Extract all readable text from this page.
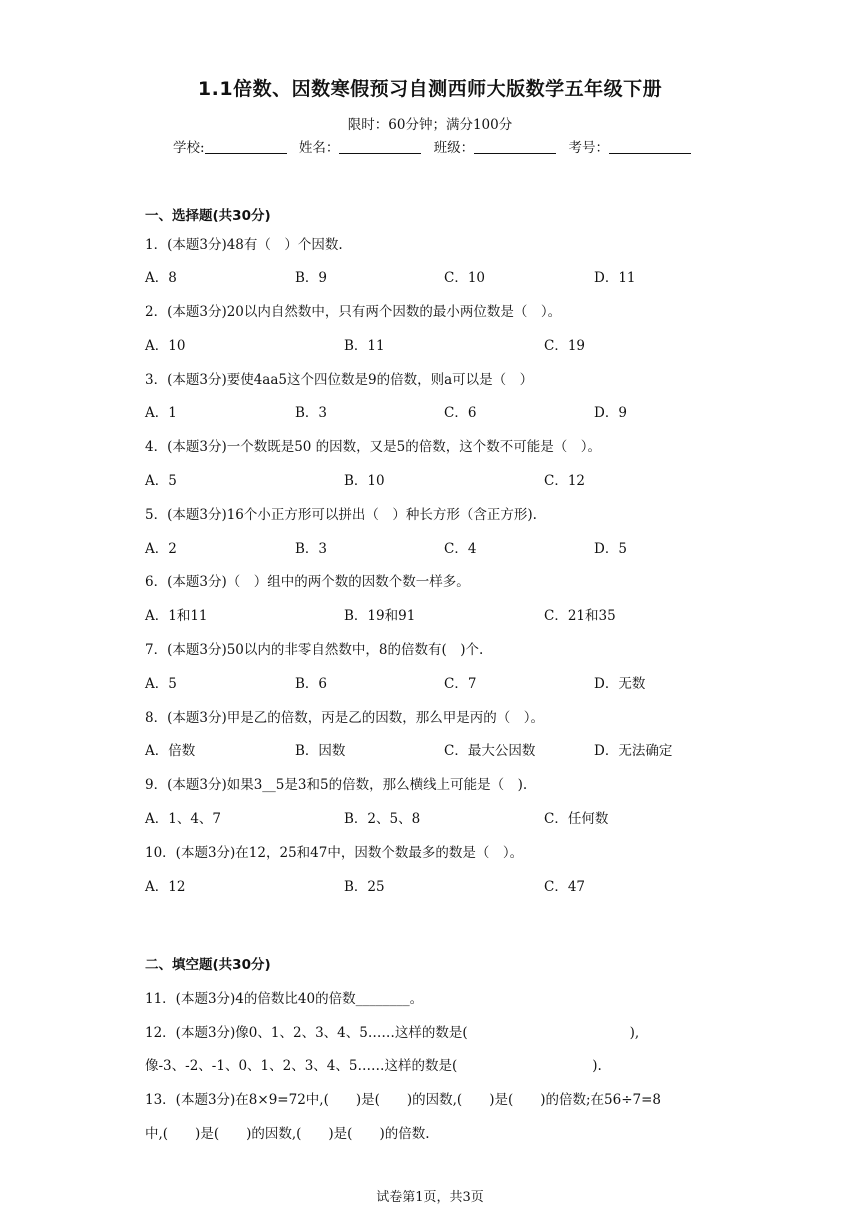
1.1倍数、因数寒假预习自测西师大版数学五年级下册
限时：60分钟；满分100分
学校:	姓名：	班级：	考号：
一、选择题(共30分)
1．(本题3分)48有（　）个因数.
A．8	B．9	C．10	D．11
2．(本题3分)20以内自然数中，只有两个因数的最小两位数是（　）。
A．10	B．11	C．19
3．(本题3分)要使4aa5这个四位数是9的倍数，则a可以是（　）
A．1	B．3	C．6	D．9
4．(本题3分)一个数既是50 的因数，又是5的倍数，这个数不可能是（　）。
A．5	B．10	C．12
5．(本题3分)16个小正方形可以拼出（　）种长方形（含正方形).
A．2	B．3	C．4	D．5
6．(本题3分)（　）组中的两个数的因数个数一样多。
A．1和11	B．19和91	C．21和35
7．(本题3分)50以内的非零自然数中，8的倍数有(　)个.
A．5	B．6	C．7	D．无数
8．(本题3分)甲是乙的倍数，丙是乙的因数，那么甲是丙的（　）。
A．倍数	B．因数	C．最大公因数	D．无法确定
9．(本题3分)如果3__5是3和5的倍数，那么横线上可能是（　).
A．1、4、7	B．2、5、8	C．任何数
10．(本题3分)在12，25和47中，因数个数最多的数是（　）。
A．12	B．25	C．47
二、填空题(共30分)
11．(本题3分)4的倍数比40的倍数________。
12．(本题3分)像0、1、2、3、4、5……这样的数是(　　　　　　　　　　　　),
像-3、-2、-1、0、1、2、3、4、5……这样的数是(　　　　　　　　　　).
13．(本题3分)在8×9=72中,(　　)是(　　)的因数,(　　)是(　　)的倍数;在56÷7=8
中,(　　)是(　　)的因数,(　　)是(　　)的倍数.
试卷第1页，共3页
